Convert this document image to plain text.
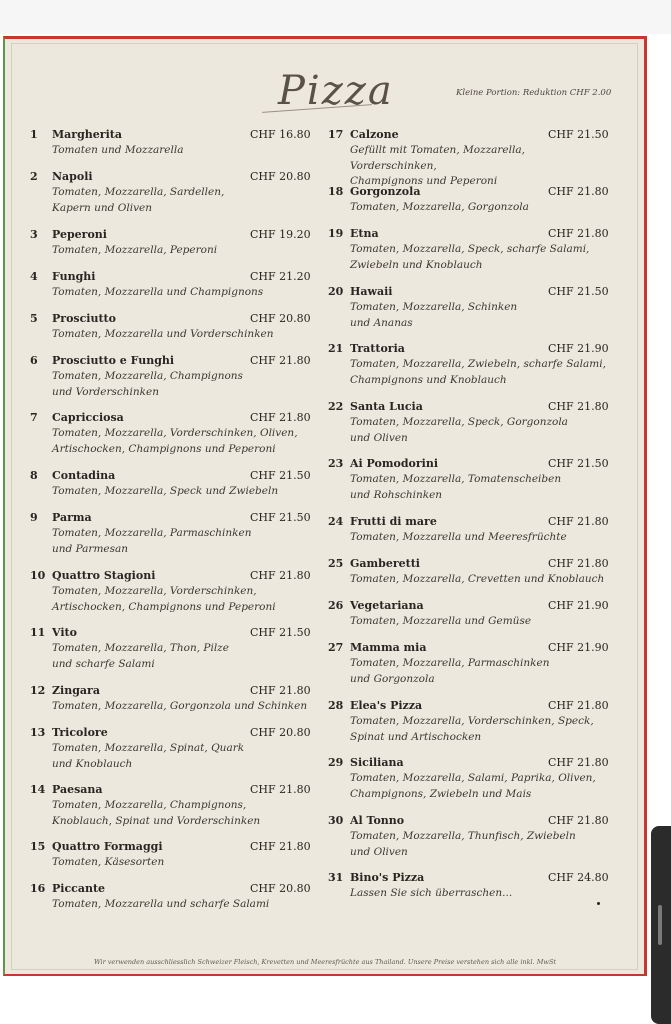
Pizza	Kleine Portion: Reduktion CHF 2.00
1 Margherita	CHF 16.80
Tomaten und Mozzarella
2 Napoli	CHF 20.80
Tomaten, Mozzarella, Sardellen,
Kapern und Oliven
3 Peperoni	CHF 19.20
Tomaten, Mozzarella, Peperoni
4 Funghi	CHF 21.20
Tomaten, Mozzarella und Champignons
5 Prosciutto	CHF 20.80
Tomaten, Mozzarella und Vorderschinken
6 Prosciutto e Funghi	CHF 21.80
Tomaten, Mozzarella, Champignons
und Vorderschinken
7 Capricciosa	CHF 21.80
Tomaten, Mozzarella, Vorderschinken, Oliven,
Artischocken, Champignons und Peperoni
8 Contadina	CHF 21.50
Tomaten, Mozzarella, Speck und Zwiebeln
9 Parma	CHF 21.50
Tomaten, Mozzarella, Parmaschinken
und Parmesan
10 Quattro Stagioni	CHF 21.80
Tomaten, Mozzarella, Vorderschinken,
Artischocken, Champignons und Peperoni
11 Vito	CHF 21.50
Tomaten, Mozzarella, Thon, Pilze
und scharfe Salami
12 Zingara	CHF 21.80
Tomaten, Mozzarella, Gorgonzola und Schinken
13 Tricolore	CHF 20.80
Tomaten, Mozzarella, Spinat, Quark
und Knoblauch
14 Paesana	CHF 21.80
Tomaten, Mozzarella, Champignons,
Knoblauch, Spinat und Vorderschinken
15 Quattro Formaggi	CHF 21.80
Tomaten, Käsesorten
16 Piccante	CHF 20.80
Tomaten, Mozzarella und scharfe Salami
17 Calzone	CHF 21.50
Gefüllt mit Tomaten, Mozzarella, Vorderschinken,
Champignons und Peperoni
18 Gorgonzola	CHF 21.80
Tomaten, Mozzarella, Gorgonzola
19 Etna	CHF 21.80
Tomaten, Mozzarella, Speck, scharfe Salami,
Zwiebeln und Knoblauch
20 Hawaii	CHF 21.50
Tomaten, Mozzarella, Schinken
und Ananas
21 Trattoria	CHF 21.90
Tomaten, Mozzarella, Zwiebeln, scharfe Salami,
Champignons und Knoblauch
22 Santa Lucia	CHF 21.80
Tomaten, Mozzarella, Speck, Gorgonzola
und Oliven
23 Ai Pomodorini	CHF 21.50
Tomaten, Mozzarella, Tomatenscheiben
und Rohschinken
24 Frutti di mare	CHF 21.80
Tomaten, Mozzarella und Meeresfrüchte
25 Gamberetti	CHF 21.80
Tomaten, Mozzarella, Crevetten und Knoblauch
26 Vegetariana	CHF 21.90
Tomaten, Mozzarella und Gemüse
27 Mamma mia	CHF 21.90
Tomaten, Mozzarella, Parmaschinken
und Gorgonzola
28 Elea's Pizza	CHF 21.80
Tomaten, Mozzarella, Vorderschinken, Speck,
Spinat und Artischocken
29 Siciliana	CHF 21.80
Tomaten, Mozzarella, Salami, Paprika, Oliven,
Champignons, Zwiebeln und Mais
30 Al Tonno	CHF 21.80
Tomaten, Mozzarella, Thunfisch, Zwiebeln
und Oliven
31 Bino's Pizza	CHF 24.80
Lassen Sie sich überraschen...
Wir verwenden ausschliesslich Schweizer Fleisch, Krevetten und Meeresfrüchte aus Thailand. Unsere Preise verstehen sich alle inkl. MwSt
